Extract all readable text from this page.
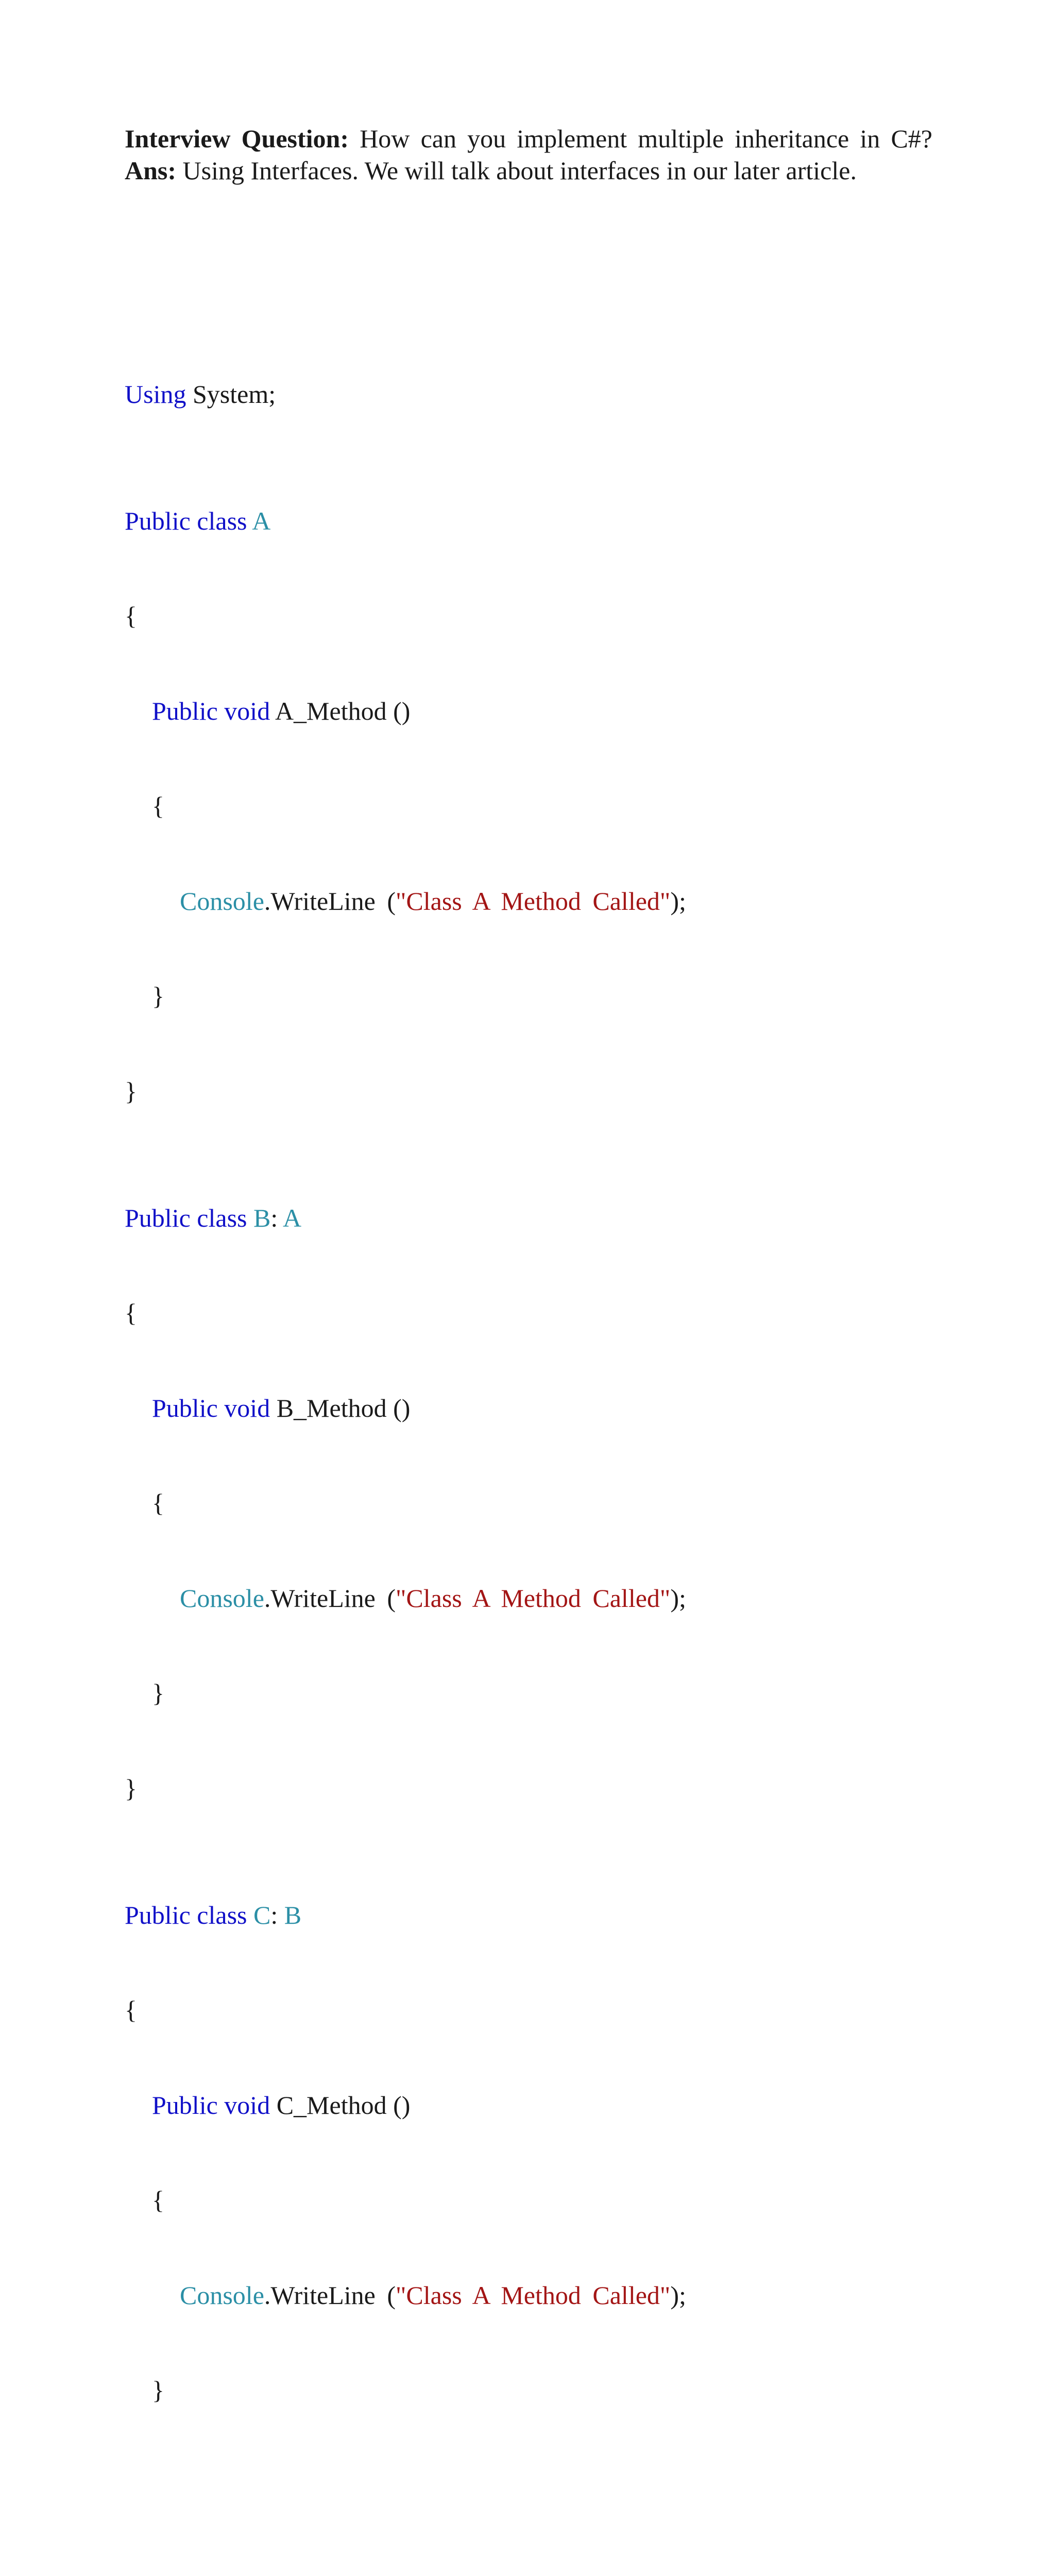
Interview Question: How can you implement multiple inheritance in C#? Ans: Using Interfaces. We will talk about interfaces in our later article.

Using System;

Public class A

{

Public void A_Method ()

{

Console.WriteLine ("Class A Method Called");

}

}

Public class B: A

{

Public void B_Method ()

{

Console.WriteLine ("Class A Method Called");

}

}

Public class C: B

{

Public void C_Method ()

{

Console.WriteLine ("Class A Method Called");

}
